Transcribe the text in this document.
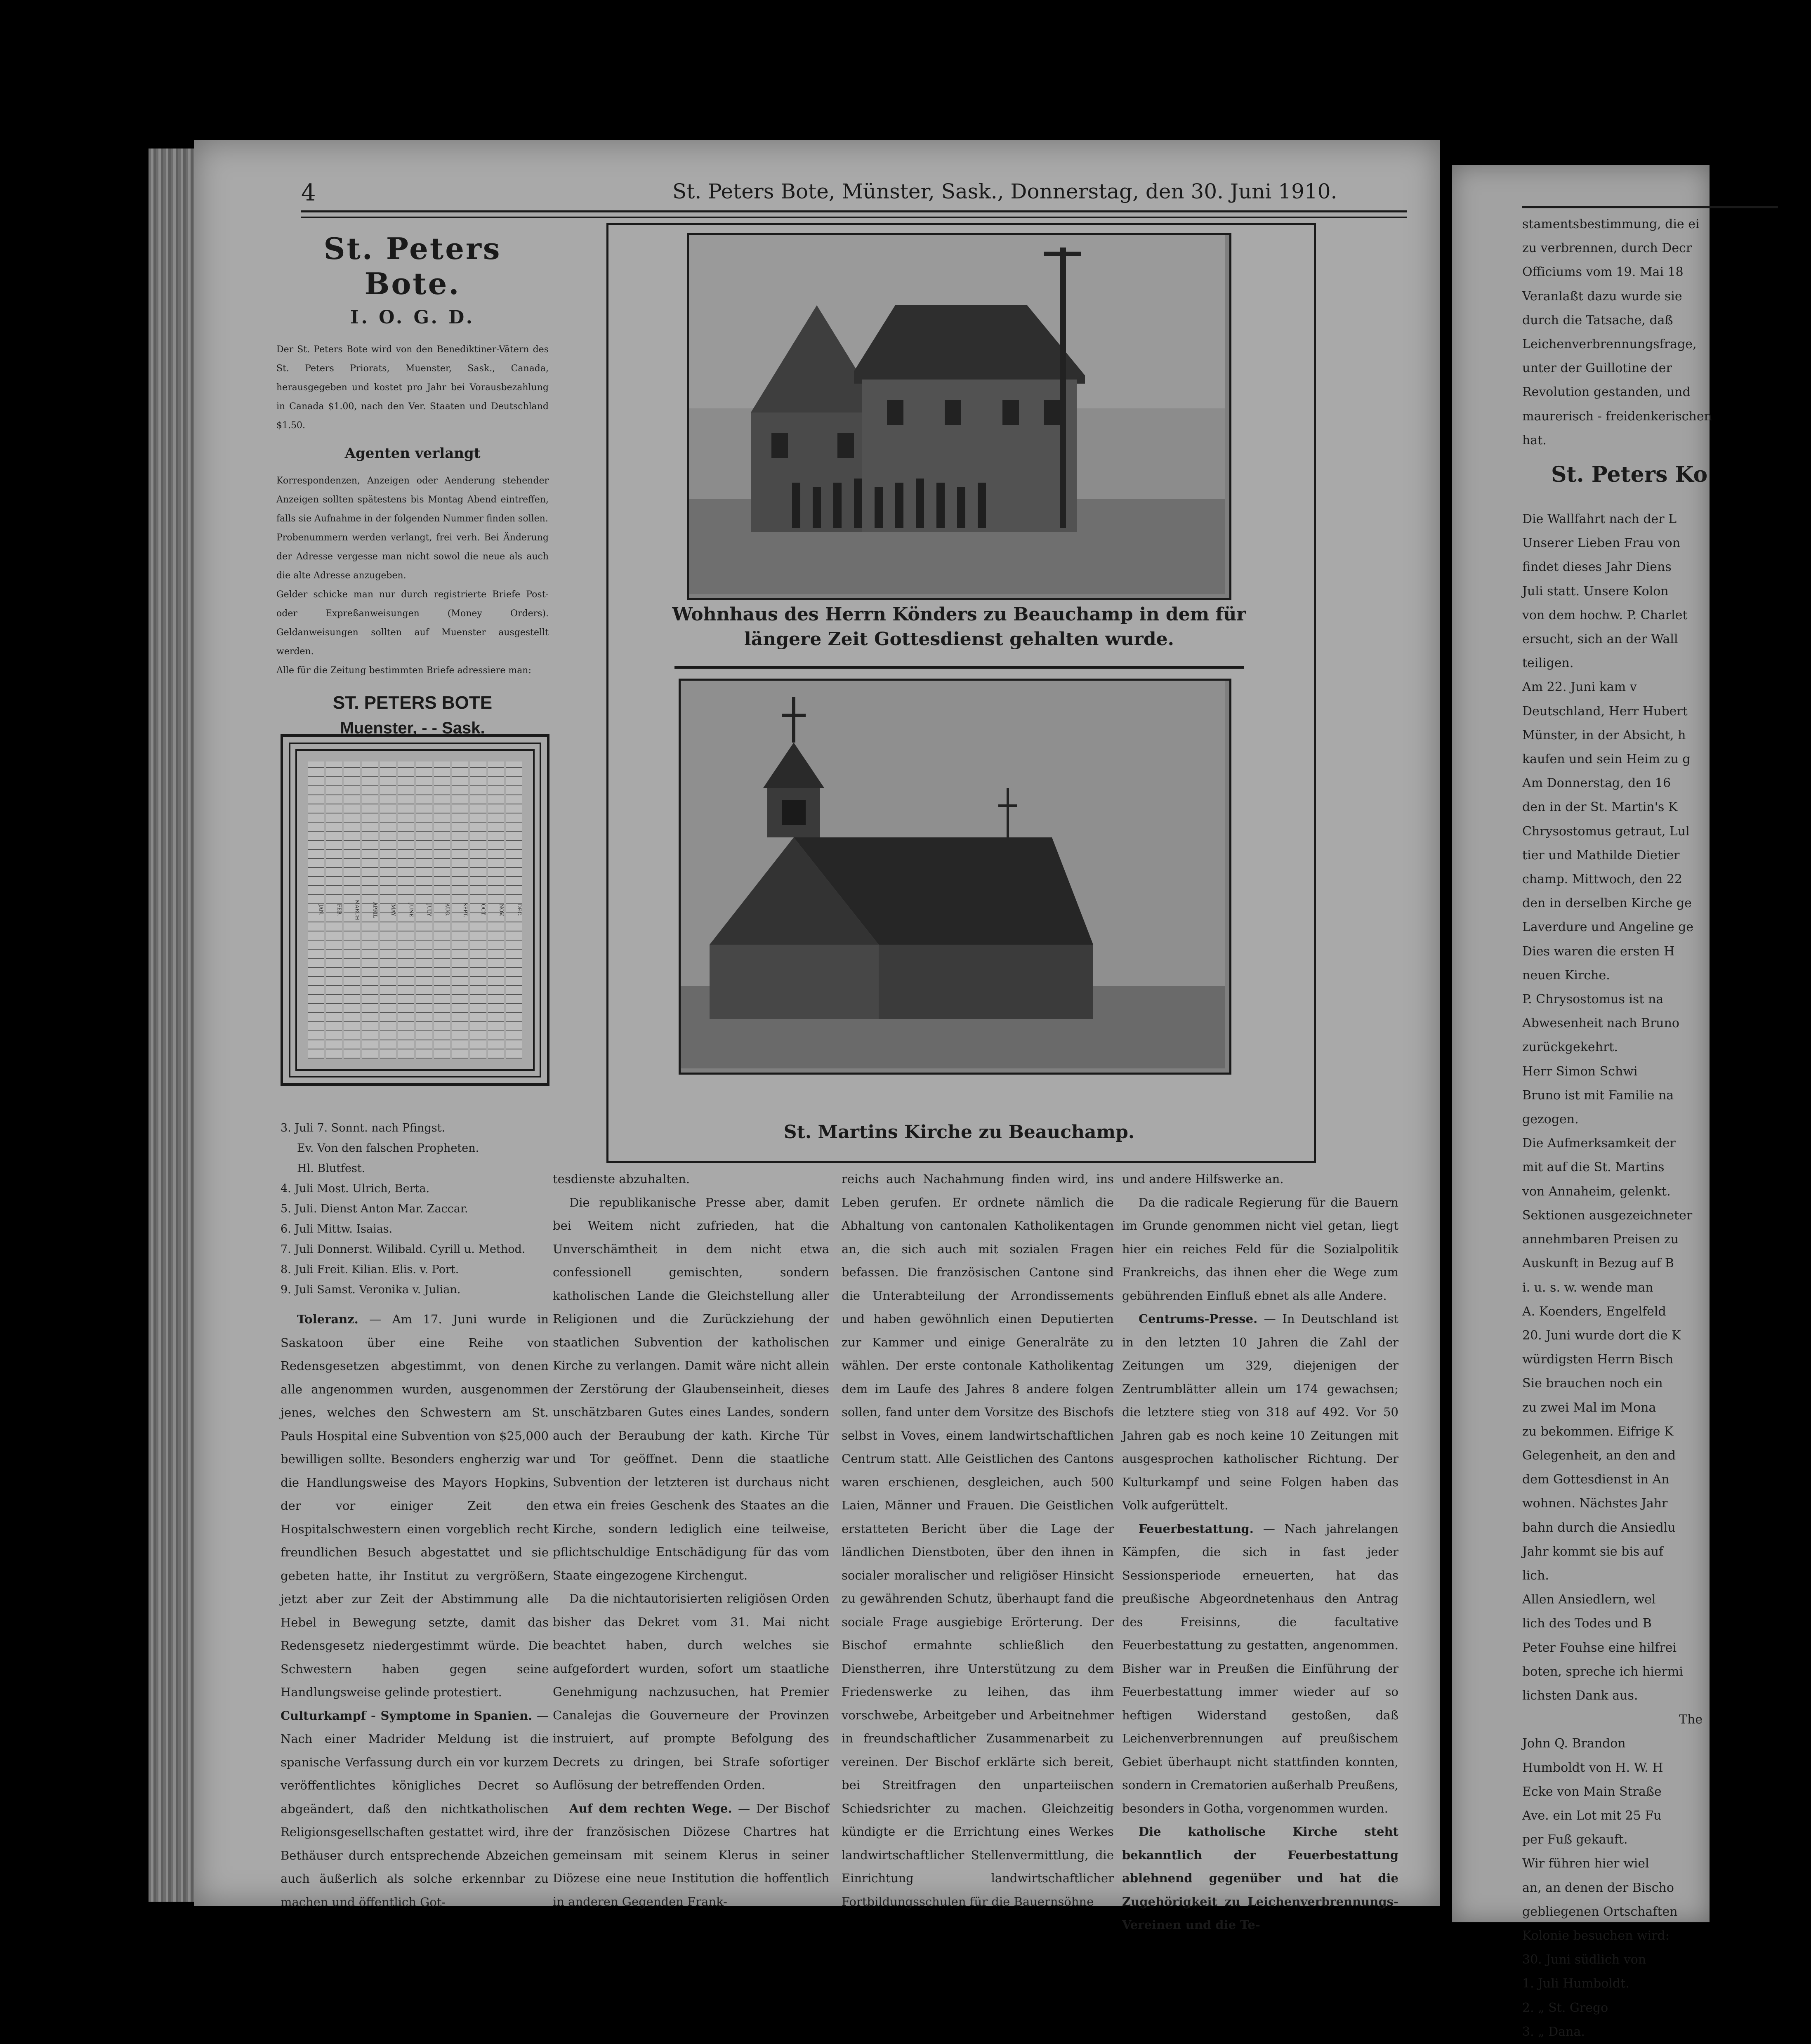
4	St. Peters Bote, Münster, Sask., Donnerstag, den 30. Juni 1910.
St. Peters Bote.
I. O. G. D.
Der St. Peters Bote wird von den Benediktiner-Vätern des St. Peters Priorats, Muenster, Sask., Canada, herausgegeben und kostet pro Jahr bei Vorausbezahlung in Canada $1.00, nach den Ver. Staaten und Deutschland $1.50.
Agenten verlangt
Korrespondenzen, Anzeigen oder Aenderung stehender Anzeigen sollten spätestens bis Montag Abend eintreffen, falls sie Aufnahme in der folgenden Nummer finden sollen.
Probenummern werden verlangt, frei verh. Bei Änderung der Adresse vergesse man nicht sowol die neue als auch die alte Adresse anzugeben.
Gelder schicke man nur durch registrierte Briefe Post- oder Expreßanweisungen (Money Orders). Geldanweisungen sollten auf Muenster ausgestellt werden.
Alle für die Zeitung bestimmten Briefe adressiere man:
ST. PETERS BOTE
Muenster, - - Sask.
JAN.	FEB.	MARCH	APRIL	MAY	JUNE	JULY	AUG.	SEPT.	OCT.	NOV.	DEC.
3. Juli 7. Sonnt. nach Pfingst.
Ev. Von den falschen Propheten.
Hl. Blutfest.
4. Juli Most. Ulrich, Berta.
5. Juli. Dienst Anton Mar. Zaccar.
6. Juli Mittw. Isaias.
7. Juli Donnerst. Wilibald. Cyrill u. Method.
8. Juli Freit. Kilian. Elis. v. Port.
9. Juli Samst. Veronika v. Julian.

Toleranz. — Am 17. Juni wurde in Saskatoon über eine Reihe von Redensgesetzen abgestimmt, von denen alle angenommen wurden, ausgenommen jenes, welches den Schwestern am St. Pauls Hospital eine Subvention von $25,000 bewilligen sollte. Besonders engherzig war die Handlungsweise des Mayors Hopkins, der vor einiger Zeit den Hospitalschwestern einen vorgeblich recht freundlichen Besuch abgestattet und sie gebeten hatte, ihr Institut zu vergrößern, jetzt aber zur Zeit der Abstimmung alle Hebel in Bewegung setzte, damit das Redensgesetz niedergestimmt würde. Die Schwestern haben gegen seine Handlungsweise gelinde protestiert.

Culturkampf - Symptome in Spanien. — Nach einer Madrider Meldung ist die spanische Verfassung durch ein vor kurzem veröffentlichtes königliches Decret so abgeändert, daß den nichtkatholischen Religionsgesellschaften gestattet wird, ihre Bethäuser durch entsprechende Abzeichen auch äußerlich als solche erkennbar zu machen und öffentlich Got-

Wohnhaus des Herrn Könders zu Beauchamp in dem für längere Zeit Gottesdienst gehalten wurde.
St. Martins Kirche zu Beauchamp.

tesdienste abzuhalten.

Die republikanische Presse aber, damit bei Weitem nicht zufrieden, hat die Unverschämtheit in dem nicht etwa confessionell gemischten, sondern katholischen Lande die Gleichstellung aller Religionen und die Zurückziehung der staatlichen Subvention der katholischen Kirche zu verlangen. Damit wäre nicht allein der Zerstörung der Glaubenseinheit, dieses unschätzbaren Gutes eines Landes, sondern auch der Beraubung der kath. Kirche Tür und Tor geöffnet. Denn die staatliche Subvention der letzteren ist durchaus nicht etwa ein freies Geschenk des Staates an die Kirche, sondern lediglich eine teilweise, pflichtschuldige Entschädigung für das vom Staate eingezogene Kirchengut.

Da die nichtautorisierten religiösen Orden bisher das Dekret vom 31. Mai nicht beachtet haben, durch welches sie aufgefordert wurden, sofort um staatliche Genehmigung nachzusuchen, hat Premier Canalejas die Gouverneure der Provinzen instruiert, auf prompte Befolgung des Decrets zu dringen, bei Strafe sofortiger Auflösung der betreffenden Orden.

Auf dem rechten Wege. — Der Bischof der französischen Diözese Chartres hat gemeinsam mit seinem Klerus in seiner Diözese eine neue Institution die hoffentlich in anderen Gegenden Frank-

reichs auch Nachahmung finden wird, ins Leben gerufen. Er ordnete nämlich die Abhaltung von cantonalen Katholikentagen an, die sich auch mit sozialen Fragen befassen. Die französischen Cantone sind die Unterabteilung der Arrondissements und haben gewöhnlich einen Deputierten zur Kammer und einige Generalräte zu wählen. Der erste contonale Katholikentag dem im Laufe des Jahres 8 andere folgen sollen, fand unter dem Vorsitze des Bischofs selbst in Voves, einem landwirtschaftlichen Centrum statt. Alle Geistlichen des Cantons waren erschienen, desgleichen, auch 500 Laien, Männer und Frauen. Die Geistlichen erstatteten Bericht über die Lage der ländlichen Dienstboten, über den ihnen in socialer moralischer und religiöser Hinsicht zu gewährenden Schutz, überhaupt fand die sociale Frage ausgiebige Erörterung. Der Bischof ermahnte schließlich den Dienstherren, ihre Unterstützung zu dem Friedenswerke zu leihen, das ihm vorschwebe, Arbeitgeber und Arbeitnehmer in freundschaftlicher Zusammenarbeit zu vereinen. Der Bischof erklärte sich bereit, bei Streitfragen den unparteiischen Schiedsrichter zu machen. Gleichzeitig kündigte er die Errichtung eines Werkes landwirtschaftlicher Stellenvermittlung, die Einrichtung landwirtschaftlicher Fortbildungsschulen für die Bauernsöhne

und andere Hilfswerke an.

Da die radicale Regierung für die Bauern im Grunde genommen nicht viel getan, liegt hier ein reiches Feld für die Sozialpolitik Frankreichs, das ihnen eher die Wege zum gebührenden Einfluß ebnet als alle Andere.

Centrums-Presse. — In Deutschland ist in den letzten 10 Jahren die Zahl der Zeitungen um 329, diejenigen der Zentrumblätter allein um 174 gewachsen; die letztere stieg von 318 auf 492. Vor 50 Jahren gab es noch keine 10 Zeitungen mit ausgesprochen katholischer Richtung. Der Kulturkampf und seine Folgen haben das Volk aufgerüttelt.

Feuerbestattung. — Nach jahrelangen Kämpfen, die sich in fast jeder Sessionsperiode erneuerten, hat das preußische Abgeordnetenhaus den Antrag des Freisinns, die facultative Feuerbestattung zu gestatten, angenommen. Bisher war in Preußen die Einführung der Feuerbestattung immer wieder auf so heftigen Widerstand gestoßen, daß Leichenverbrennungen auf preußischem Gebiet überhaupt nicht stattfinden konnten, sondern in Crematorien außerhalb Preußens, besonders in Gotha, vorgenommen wurden.

Die katholische Kirche steht bekanntlich der Feuerbestattung ablehnend gegenüber und hat die Zugehörigkeit zu Leichenverbrennungs-Vereinen und die Te-

stamentsbestimmung, die ei
zu verbrennen, durch Decr
Officiums vom 19. Mai 18
Veranlaßt dazu wurde sie
durch die Tatsache, daß
Leichenverbrennungsfrage,
unter der Guillotine der
Revolution gestanden, und
maurerisch - freidenkerischen
hat.
St. Peters Ko
Die Wallfahrt nach der L
Unserer Lieben Frau von
findet dieses Jahr Diens
Juli statt. Unsere Kolon
von dem hochw. P. Charlet
ersucht, sich an der Wall
teiligen.
Am 22. Juni kam v
Deutschland, Herr Hubert
Münster, in der Absicht, h
kaufen und sein Heim zu g
Am Donnerstag, den 16
den in der St. Martin's K
Chrysostomus getraut, Lul
tier und Mathilde Dietier
champ. Mittwoch, den 22
den in derselben Kirche ge
Laverdure und Angeline ge
Dies waren die ersten H
neuen Kirche.
P. Chrysostomus ist na
Abwesenheit nach Bruno
zurückgekehrt.
Herr Simon Schwi
Bruno ist mit Familie na
gezogen.
Die Aufmerksamkeit der
mit auf die St. Martins
von Annaheim, gelenkt.
Sektionen ausgezeichneter
annehmbaren Preisen zu
Auskunft in Bezug auf B
i. u. s. w. wende man
A. Koenders, Engelfeld
20. Juni wurde dort die K
würdigsten Herrn Bisch
Sie brauchen noch ein
zu zwei Mal im Mona
zu bekommen. Eifrige K
Gelegenheit, an den and
dem Gottesdienst in An
wohnen. Nächstes Jahr
bahn durch die Ansiedlu
Jahr kommt sie bis auf
lich.
Allen Ansiedlern, wel
lich des Todes und B
Peter Fouhse eine hilfrei
boten, spreche ich hiermi
lichsten Dank aus.
The
John Q. Brandon
Humboldt von H. W. H
Ecke von Main Straße
Ave. ein Lot mit 25 Fu
per Fuß gekauft.
Wir führen hier wiel
an, an denen der Bischo
gebliegenen Ortschaften
Kolonie besuchen wird:
30. Juni südlich von
1. Juli Humboldt.
2. „ St. Grego
3. „ Dana.
